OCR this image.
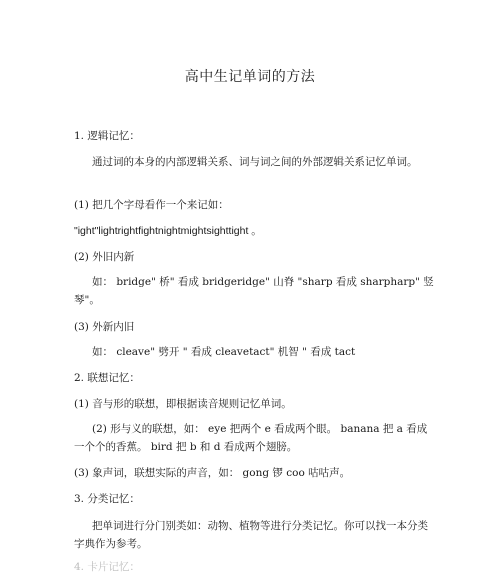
高中生记单词的方法
1. 逻辑记忆：
通过词的本身的内部逻辑关系、词与词之间的外部逻辑关系记忆单词。
(1) 把几个字母看作一个来记如：
"ight"lightrightfightnightmightsighttight 。
(2) 外旧内新
如： bridge" 桥" 看成 bridgeridge" 山脊 "sharp 看成 sharpharp" 竖琴"。
(3) 外新内旧
如： cleave" 劈开 " 看成 cleavetact" 机智 " 看成 tact
2. 联想记忆：
(1) 音与形的联想，即根据读音规则记忆单词。
(2) 形与义的联想，如： eye 把两个 e 看成两个眼。 banana 把 a 看成一个个的香蕉。 bird 把 b 和 d 看成两个翅膀。
(3) 象声词，联想实际的声音，如： gong 锣 coo 咕咕声。
3. 分类记忆：
把单词进行分门别类如：动物、植物等进行分类记忆。你可以找一本分类字典作为参考。
4. 卡片记忆：
